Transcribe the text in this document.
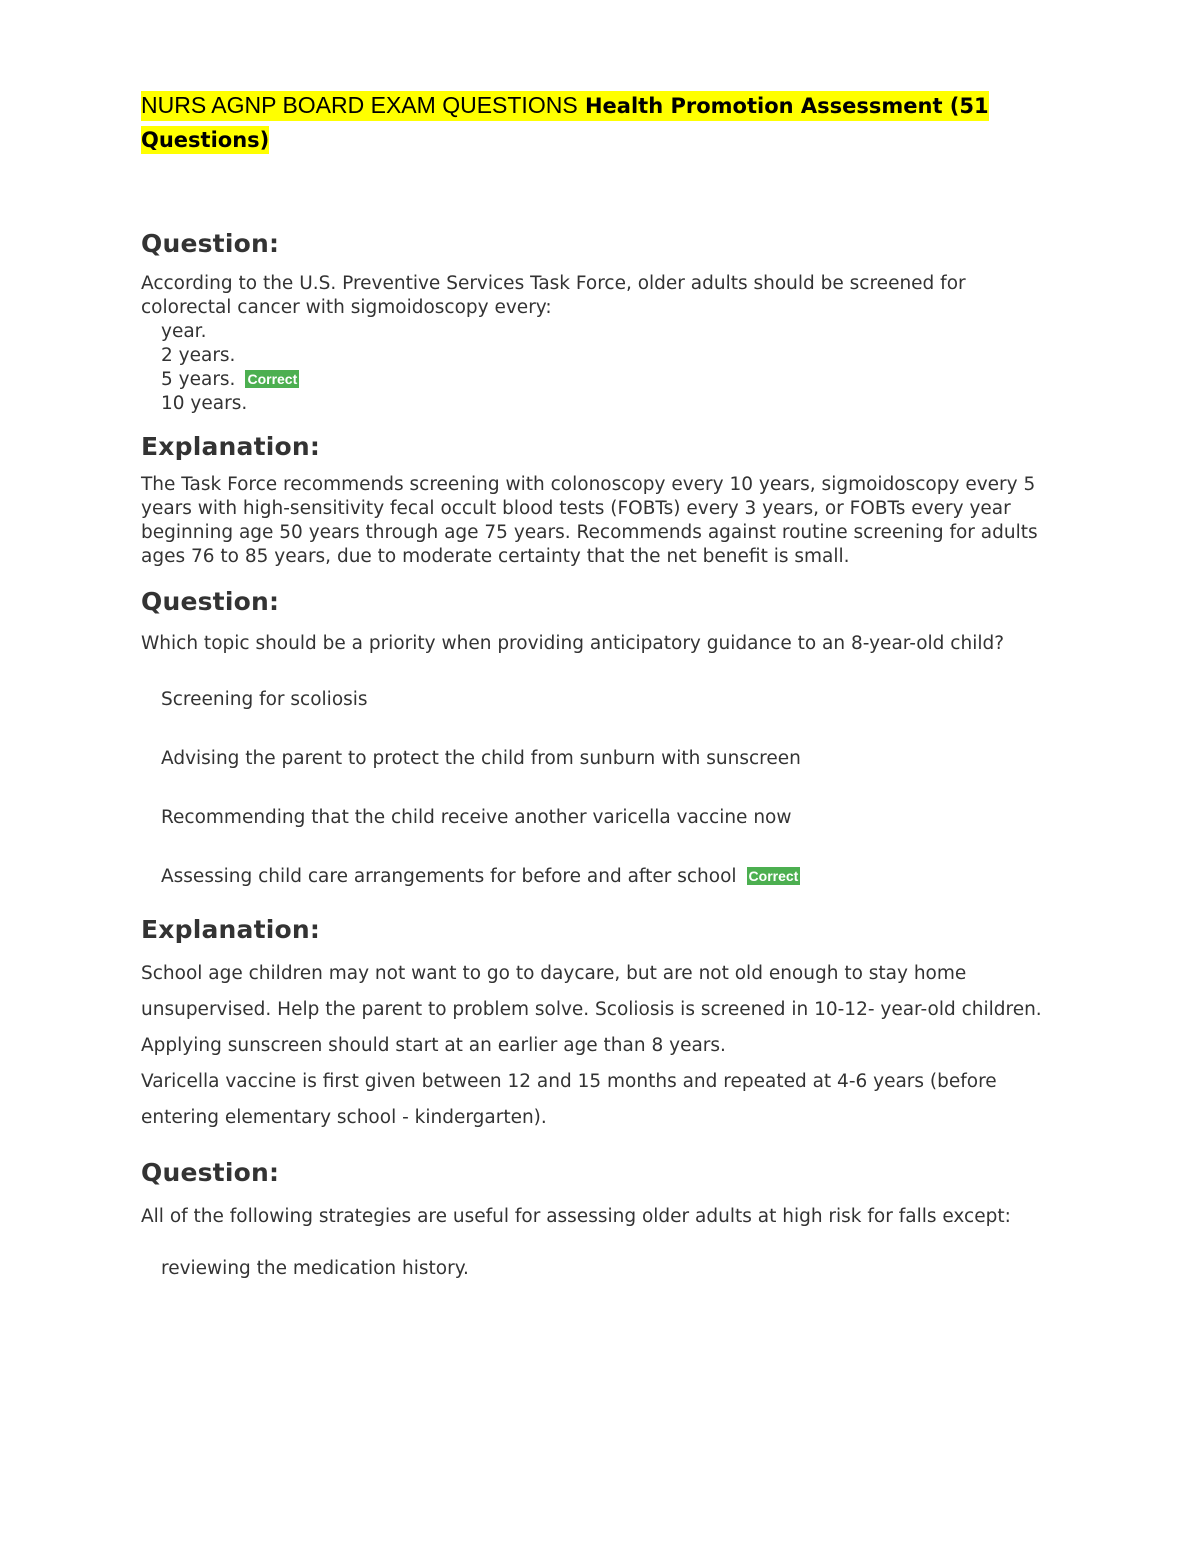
NURS AGNP BOARD EXAM QUESTIONS Health Promotion Assessment (51
Questions)

Question:

According to the U.S. Preventive Services Task Force, older adults should be screened for colorectal cancer with sigmoidoscopy every:

year.
2 years.
5 years. Correct
10 years.
Explanation:

The Task Force recommends screening with colonoscopy every 10 years, sigmoidoscopy every 5 years with high-sensitivity fecal occult blood tests (FOBTs) every 3 years, or FOBTs every year beginning age 50 years through age 75 years. Recommends against routine screening for adults ages 76 to 85 years, due to moderate certainty that the net benefit is small.

Question:

Which topic should be a priority when providing anticipatory guidance to an 8-year-old child?

Screening for scoliosis
Advising the parent to protect the child from sunburn with sunscreen
Recommending that the child receive another varicella vaccine now
Assessing child care arrangements for before and after school Correct
Explanation:

School age children may not want to go to daycare, but are not old enough to stay home unsupervised. Help the parent to problem solve. Scoliosis is screened in 10-12- year-old children. Applying sunscreen should start at an earlier age than 8 years.

Varicella vaccine is first given between 12 and 15 months and repeated at 4-6 years (before entering elementary school - kindergarten).

Question:

All of the following strategies are useful for assessing older adults at high risk for falls except:

reviewing the medication history.
